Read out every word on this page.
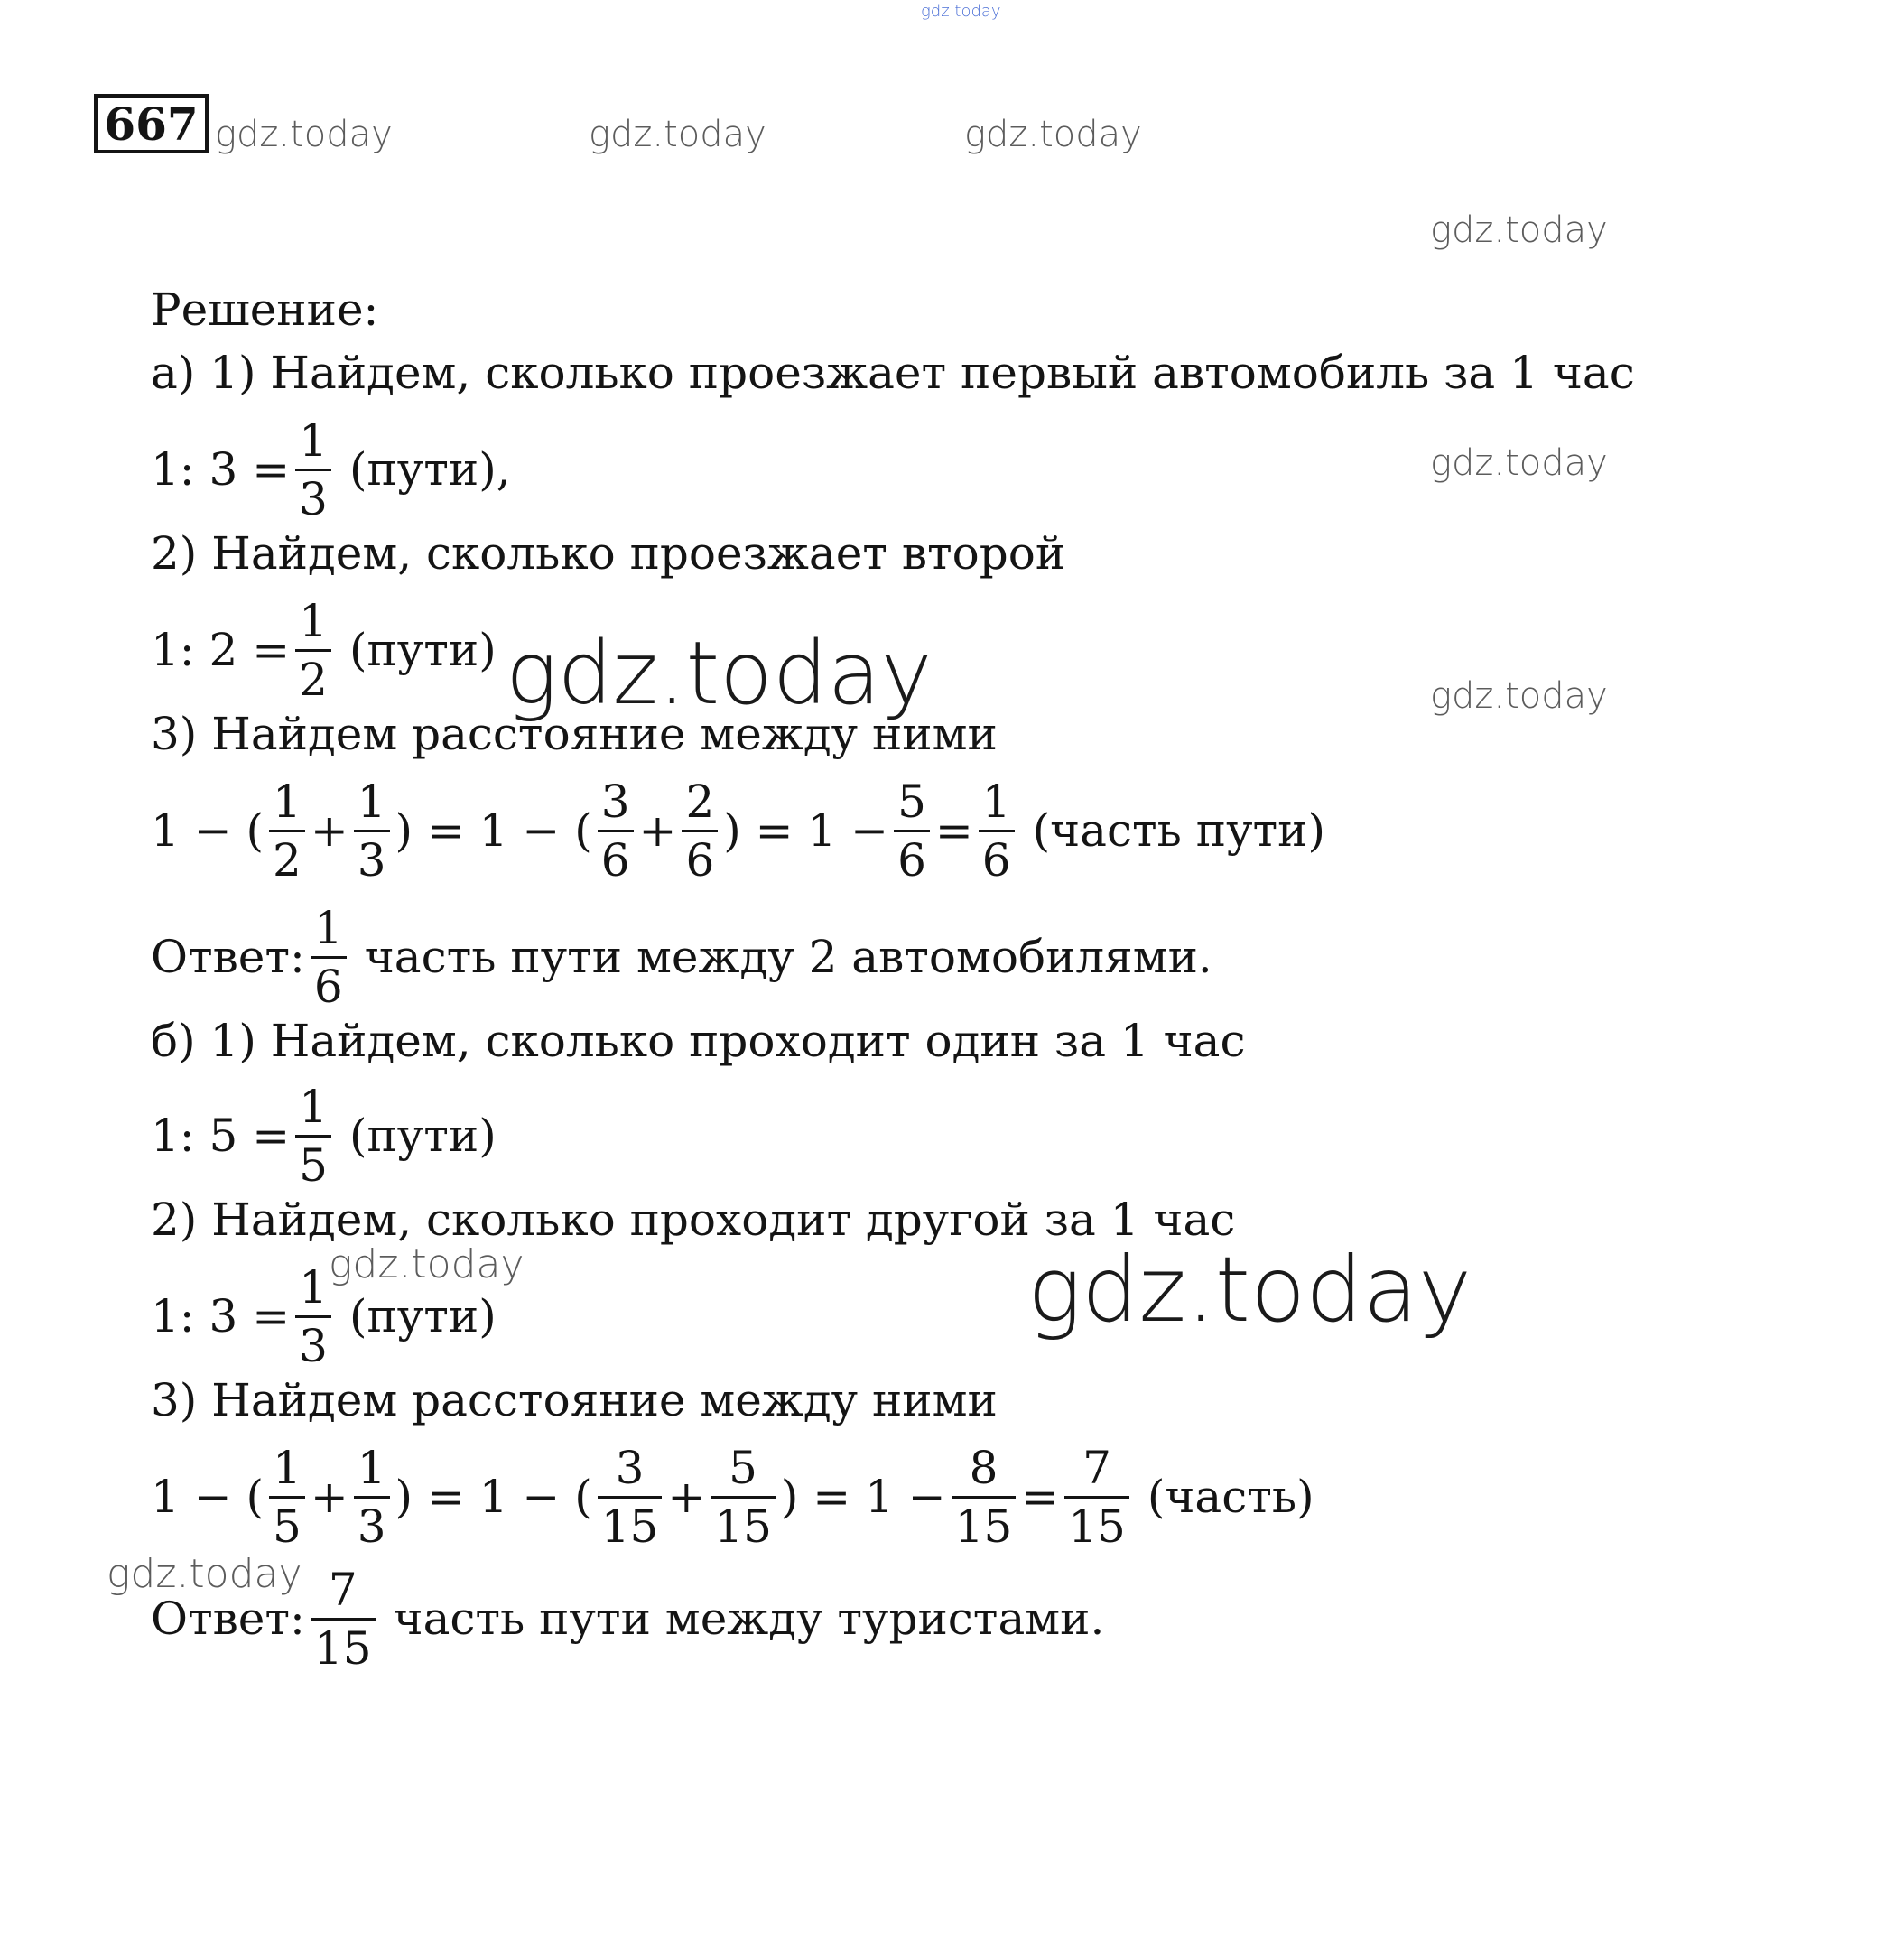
gdz.today
gdz.today	gdz.today	gdz.today
gdz.today
gdz.today
gdz.today
gdz.today
gdz.today	gdz.today
gdz.today
667
Решение:
а) 1) Найдем, сколько проезжает первый автомобиль за 1 час
1: $3 = \frac{1}{3}$ (пути),
2) Найдем, сколько проезжает второй
1: $2 = \frac{1}{2}$ (пути)
3) Найдем расстояние между ними
1 − ( $\frac{1}{2} + \frac{1}{3}$ ) = 1 − ( $\frac{3}{6} + \frac{2}{6}$ ) = $1 - \frac{5}{6} = \frac{1}{6}$ (часть пути)
Ответ: $\frac{1}{6}$ часть пути между 2 автомобилями.
б) 1) Найдем, сколько проходит один за 1 час
1: $5 = \frac{1}{5}$ (пути)
2) Найдем, сколько проходит другой за 1 час
1: $3 = \frac{1}{3}$ (пути)
3) Найдем расстояние между ними
1 − ( $\frac{1}{5} + \frac{1}{3}$ ) = 1 − ( $\frac{3}{15} + \frac{5}{15}$ ) = $1 - \frac{8}{15} = \frac{7}{15}$ (часть)
Ответ: $\frac{7}{15}$ часть пути между туристами.
